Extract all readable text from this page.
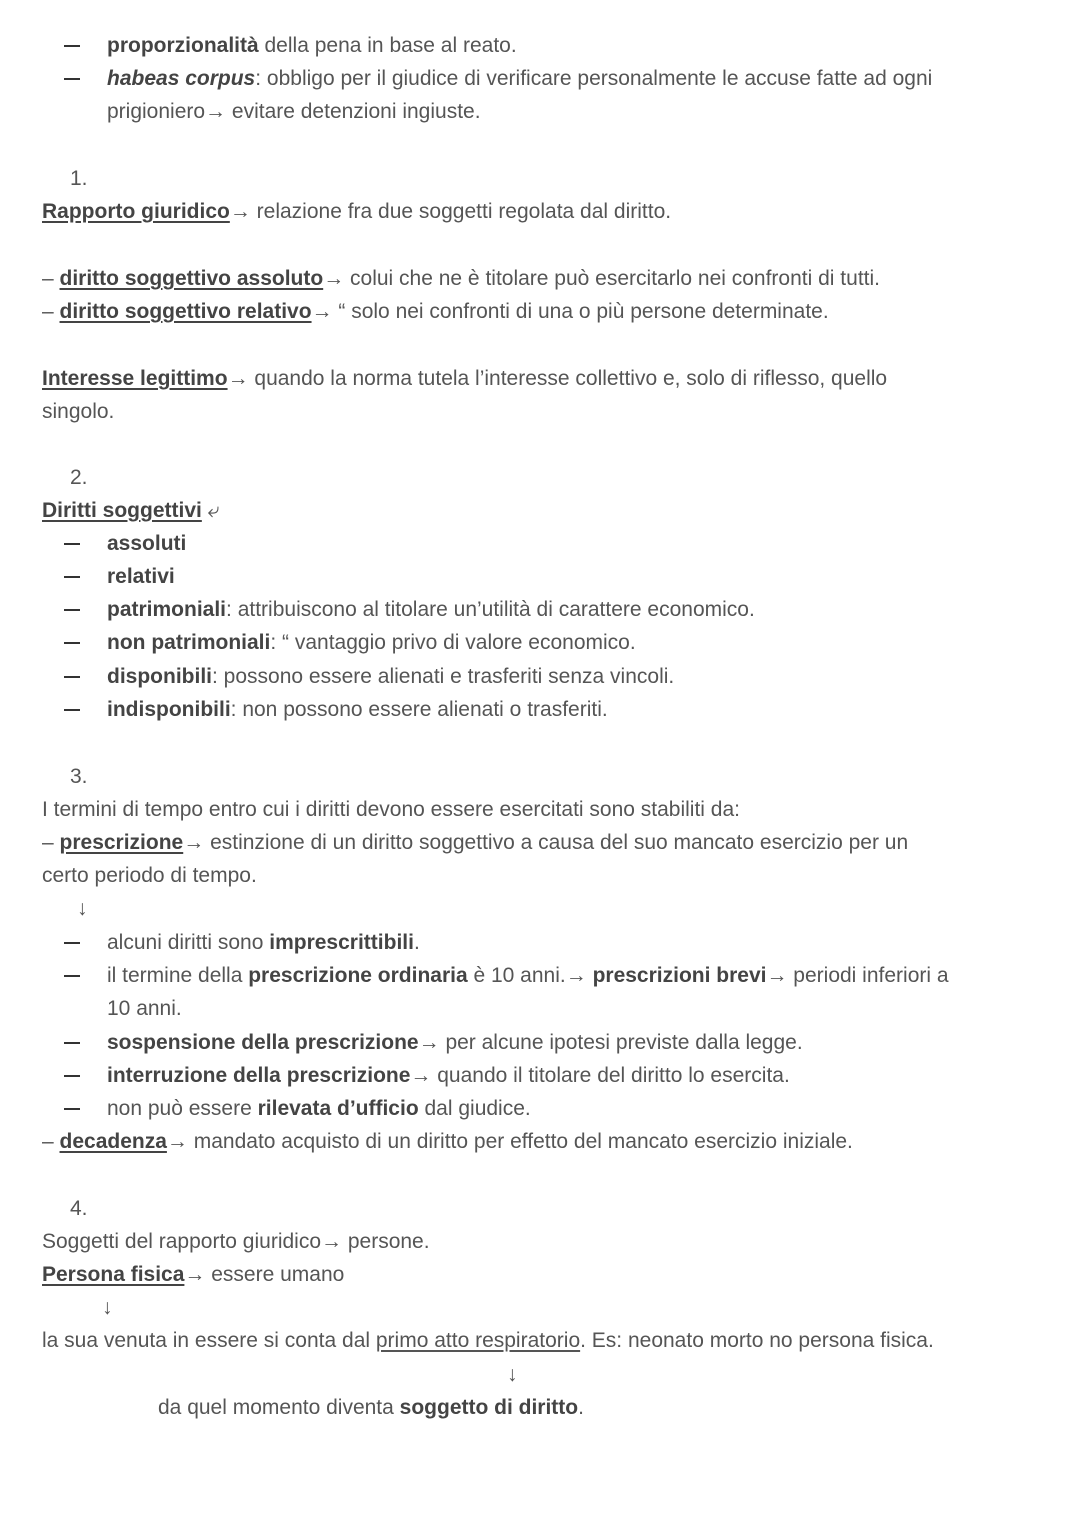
proporzionalità della pena in base al reato.
habeas corpus: obbligo per il giudice di verificare personalmente le accuse fatte ad ogni
prigioniero→ evitare detenzioni ingiuste.
1.
Rapporto giuridico→ relazione fra due soggetti regolata dal diritto.
– diritto soggettivo assoluto→ colui che ne è titolare può esercitarlo nei confronti di tutti.
– diritto soggettivo relativo→ “ solo nei confronti di una o più persone determinate.
Interesse legittimo→ quando la norma tutela l’interesse collettivo e, solo di riflesso, quello
singolo.
2.
Diritti soggettivi ⤶
assoluti
relativi
patrimoniali: attribuiscono al titolare un’utilità di carattere economico.
non patrimoniali: “ vantaggio privo di valore economico.
disponibili: possono essere alienati e trasferiti senza vincoli.
indisponibili: non possono essere alienati o trasferiti.
3.
I termini di tempo entro cui i diritti devono essere esercitati sono stabiliti da:
– prescrizione→ estinzione di un diritto soggettivo a causa del suo mancato esercizio per un
certo periodo di tempo.
↓
alcuni diritti sono imprescrittibili.
il termine della prescrizione ordinaria è 10 anni.→ prescrizioni brevi→ periodi inferiori a
10 anni.
sospensione della prescrizione→ per alcune ipotesi previste dalla legge.
interruzione della prescrizione→ quando il titolare del diritto lo esercita.
non può essere rilevata d’ufficio dal giudice.
– decadenza→ mandato acquisto di un diritto per effetto del mancato esercizio iniziale.
4.
Soggetti del rapporto giuridico→ persone.
Persona fisica→ essere umano
↓
la sua venuta in essere si conta dal primo atto respiratorio. Es: neonato morto no persona fisica.
↓
da quel momento diventa soggetto di diritto.
